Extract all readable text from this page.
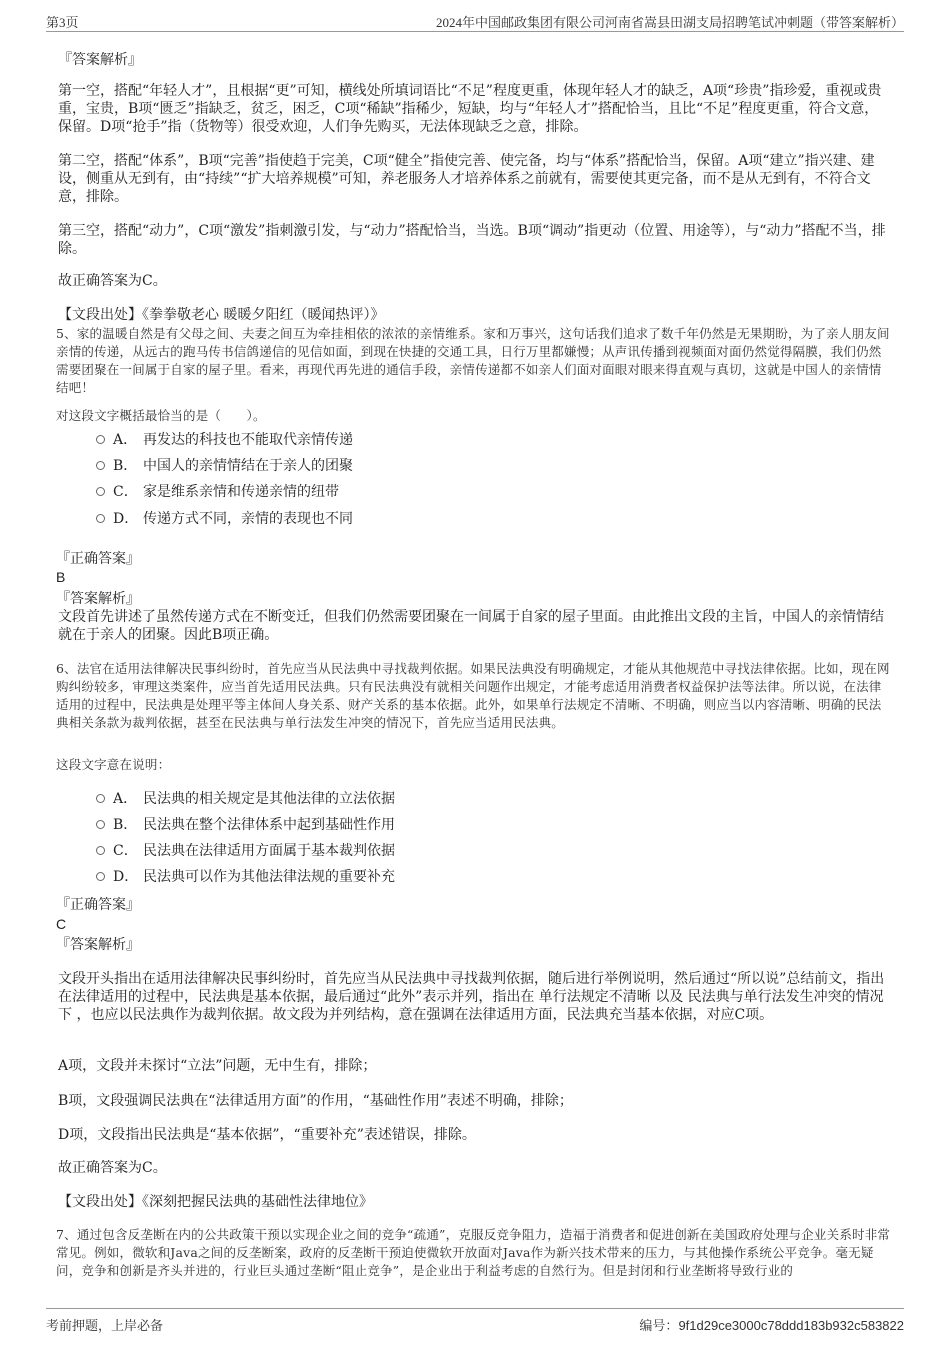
第3页	2024年中国邮政集团有限公司河南省嵩县田湖支局招聘笔试冲刺题（带答案解析）
『答案解析』

第一空，搭配“年轻人才”，且根据“更”可知，横线处所填词语比“不足”程度更重，体现年轻人才的缺乏，A项“珍贵”指珍爱，重视或贵重，宝贵，B项“匮乏”指缺乏，贫乏，困乏，C项“稀缺”指稀少，短缺，均与“年轻人才”搭配恰当，且比“不足”程度更重，符合文意，保留。D项“抢手”指（货物等）很受欢迎，人们争先购买，无法体现缺乏之意，排除。

第二空，搭配“体系”，B项“完善”指使趋于完美，C项“健全”指使完善、使完备，均与“体系”搭配恰当，保留。A项“建立”指兴建、建设，侧重从无到有，由“持续”“扩大培养规模”可知，养老服务人才培养体系之前就有，需要使其更完备，而不是从无到有，不符合文意，排除。

第三空，搭配“动力”，C项“激发”指刺激引发，与“动力”搭配恰当，当选。B项“调动”指更动（位置、用途等），与“动力”搭配不当，排除。

故正确答案为C。
【文段出处】《拳拳敬老心 暖暖夕阳红（暖闻热评）》

5、家的温暖自然是有父母之间、夫妻之间互为牵挂相依的浓浓的亲情维系。家和万事兴，这句话我们追求了数千年仍然是无果期盼，为了亲人朋友间亲情的传递，从远古的跑马传书信鸽递信的见信如面，到现在快捷的交通工具，日行万里都嫌慢；从声讯传播到视频面对面仍然觉得隔膜，我们仍然需要团聚在一间属于自家的屋子里。看来，再现代再先进的通信手段，亲情传递都不如亲人们面对面眼对眼来得直观与真切，这就是中国人的亲情情结吧！

对这段文字概括最恰当的是（　　）。
A． 再发达的科技也不能取代亲情传递
B． 中国人的亲情情结在于亲人的团聚
C． 家是维系亲情和传递亲情的纽带
D． 传递方式不同，亲情的表现也不同
『正确答案』
B
『答案解析』

文段首先讲述了虽然传递方式在不断变迁，但我们仍然需要团聚在一间属于自家的屋子里面。由此推出文段的主旨，中国人的亲情情结就在于亲人的团聚。因此B项正确。

6、法官在适用法律解决民事纠纷时，首先应当从民法典中寻找裁判依据。如果民法典没有明确规定，才能从其他规范中寻找法律依据。比如，现在网购纠纷较多，审理这类案件，应当首先适用民法典。只有民法典没有就相关问题作出规定，才能考虑适用消费者权益保护法等法律。所以说，在法律适用的过程中，民法典是处理平等主体间人身关系、财产关系的基本依据。此外，如果单行法规定不清晰、不明确，则应当以内容清晰、明确的民法典相关条款为裁判依据，甚至在民法典与单行法发生冲突的情况下，首先应当适用民法典。

这段文字意在说明：
A． 民法典的相关规定是其他法律的立法依据
B． 民法典在整个法律体系中起到基础性作用
C． 民法典在法律适用方面属于基本裁判依据
D． 民法典可以作为其他法律法规的重要补充
『正确答案』
C
『答案解析』

文段开头指出在适用法律解决民事纠纷时，首先应当从民法典中寻找裁判依据，随后进行举例说明，然后通过“所以说”总结前文，指出在法律适用的过程中，民法典是基本依据，最后通过“此外”表示并列，指出在 单行法规定不清晰 以及 民法典与单行法发生冲突的情况下 ，也应以民法典作为裁判依据。故文段为并列结构，意在强调在法律适用方面，民法典充当基本依据，对应C项。

A项，文段并未探讨“立法”问题，无中生有，排除；
B项，文段强调民法典在“法律适用方面”的作用，“基础性作用”表述不明确，排除；
D项，文段指出民法典是“基本依据”，“重要补充”表述错误，排除。
故正确答案为C。
【文段出处】《深刻把握民法典的基础性法律地位》

7、通过包含反垄断在内的公共政策干预以实现企业之间的竞争“疏通”，克服反竞争阻力，造福于消费者和促进创新在美国政府处理与企业关系时非常常见。例如，微软和Java之间的反垄断案，政府的反垄断干预迫使微软开放面对Java作为新兴技术带来的压力，与其他操作系统公平竞争。毫无疑问，竞争和创新是齐头并进的，行业巨头通过垄断“阻止竞争”，是企业出于利益考虑的自然行为。但是封闭和行业垄断将导致行业的

考前押题，上岸必备	编号：9f1d29ce3000c78ddd183b932c583822
